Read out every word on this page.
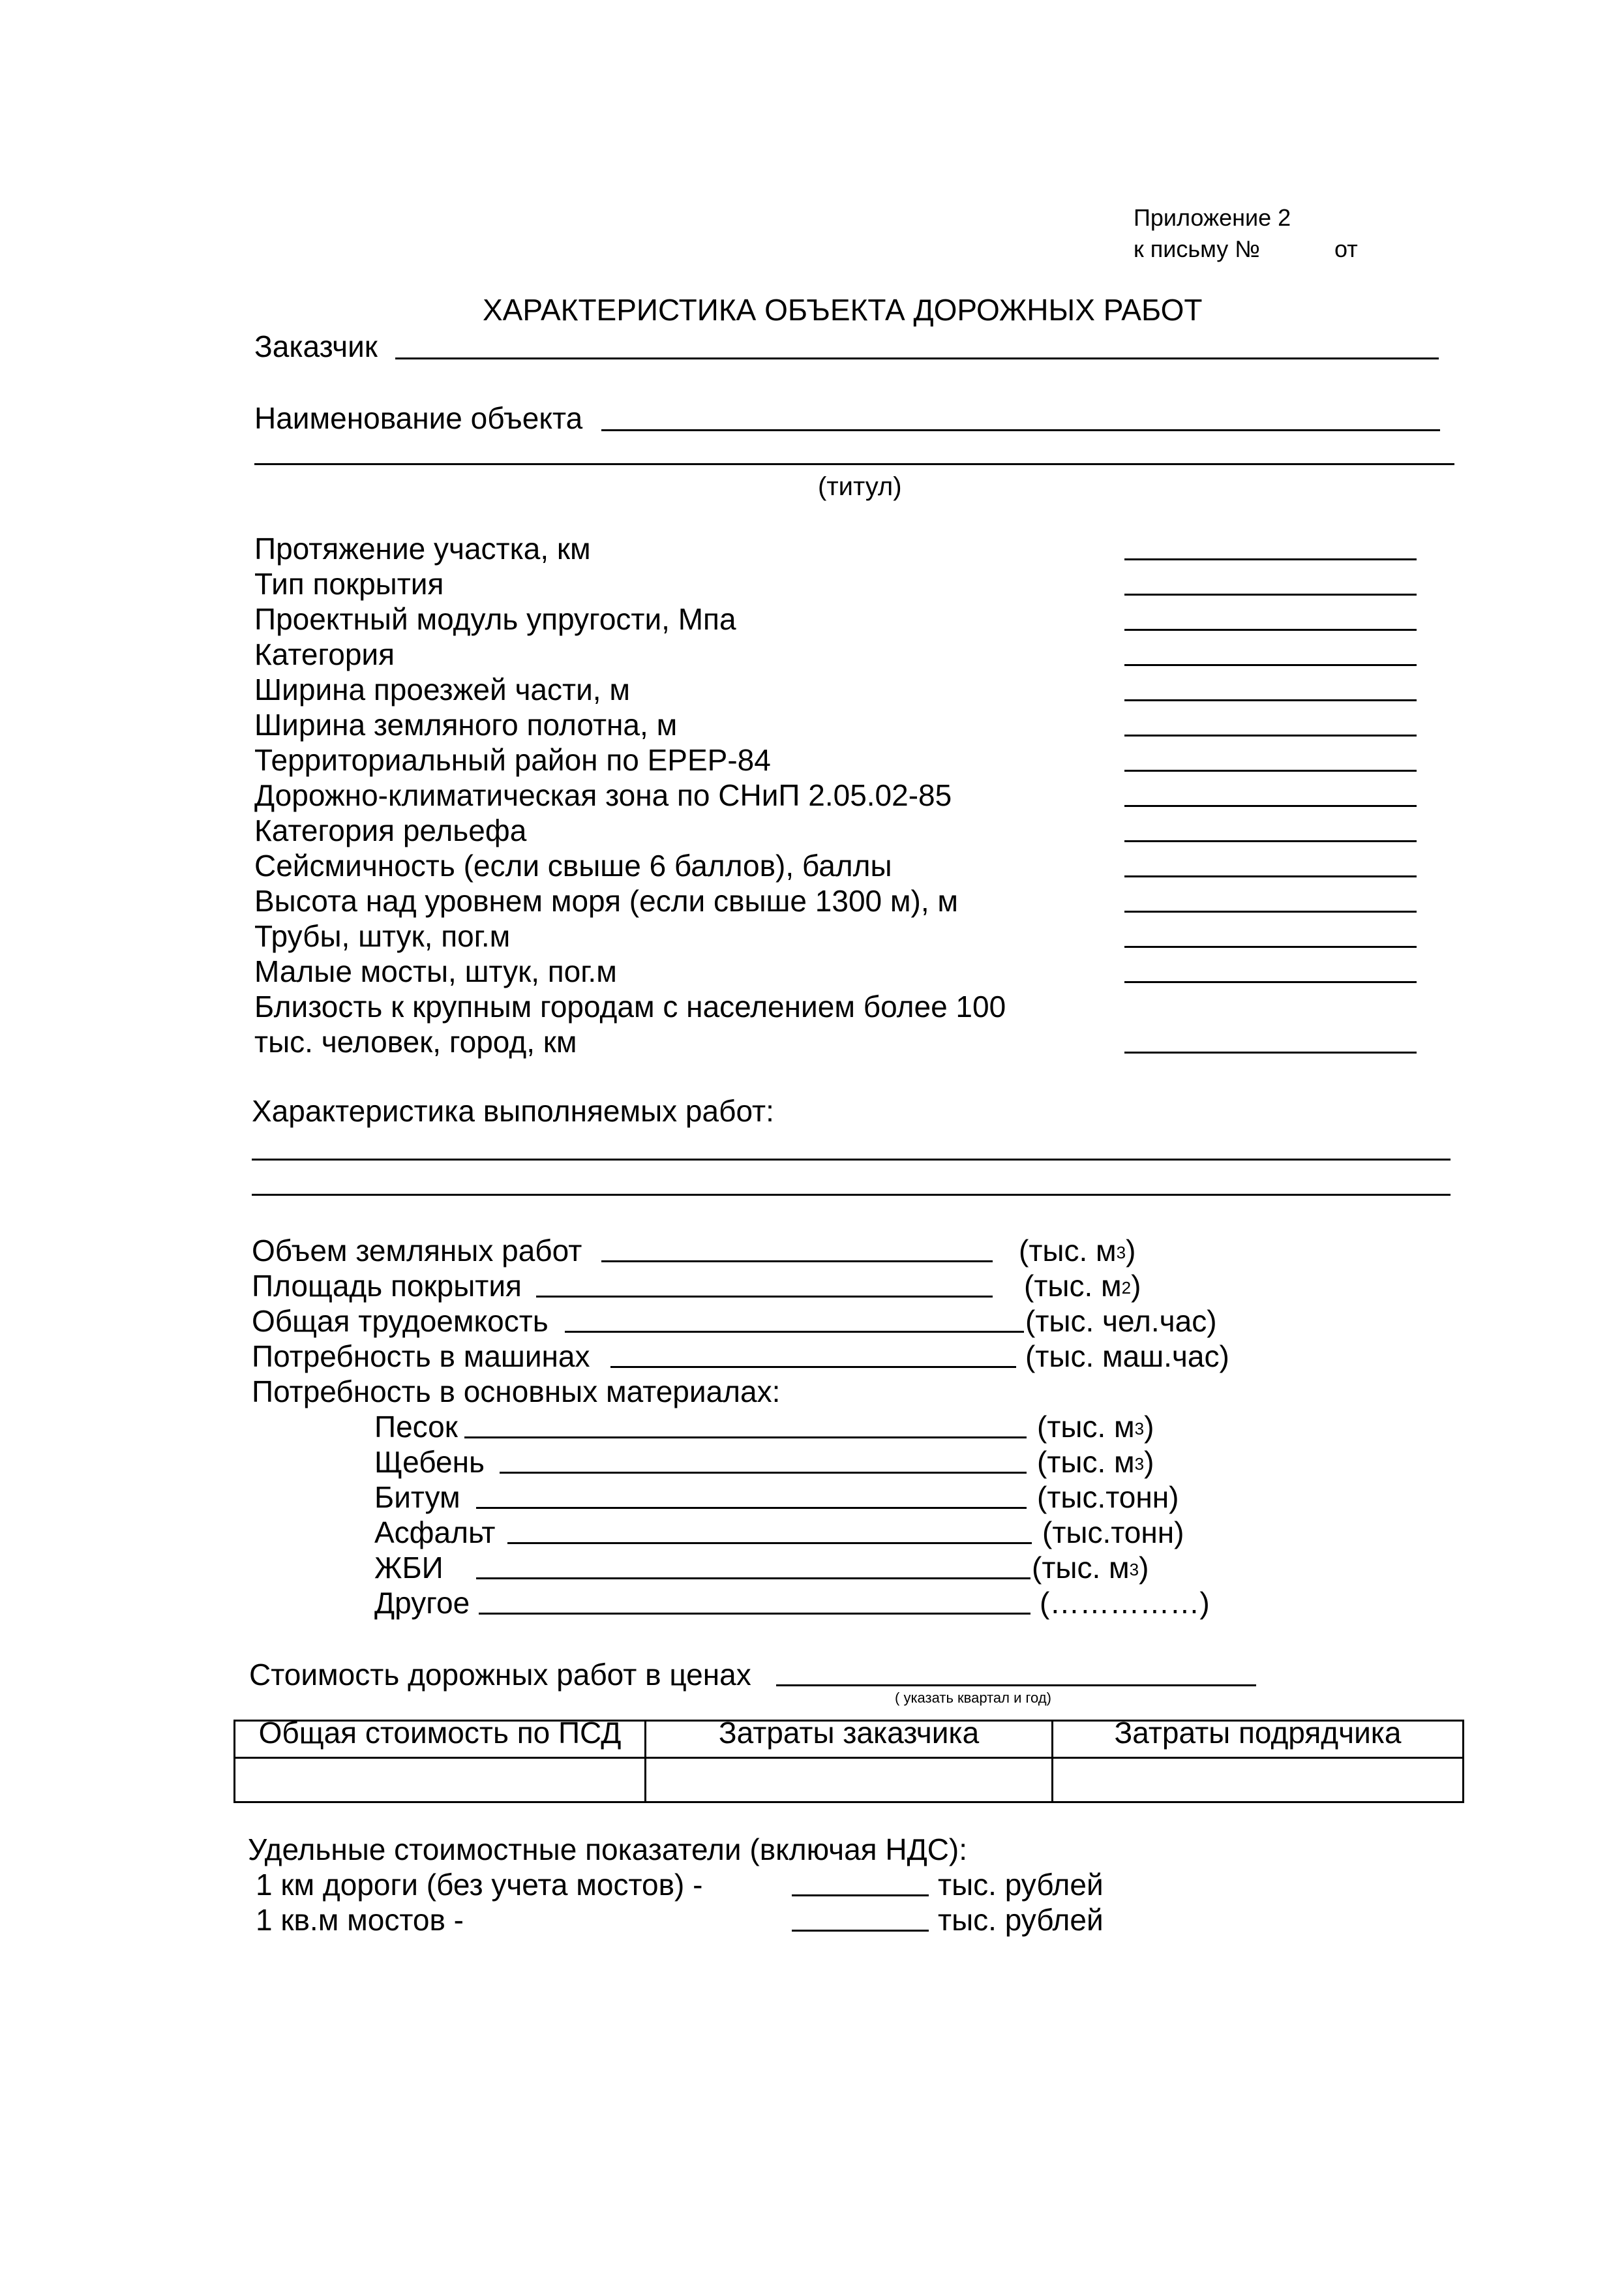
Приложение 2
к письму №	от
ХАРАКТЕРИСТИКА ОБЪЕКТА ДОРОЖНЫХ РАБОТ
Заказчик
Наименование объекта
(титул)
Протяжение участка, км
Тип покрытия
Проектный модуль упругости, Мпа
Категория
Ширина проезжей части, м
Ширина земляного полотна, м
Территориальный район по ЕРЕР-84
Дорожно-климатическая зона по СНиП 2.05.02-85
Категория рельефа
Сейсмичность (если свыше 6 баллов), баллы
Высота над уровнем моря (если свыше 1300 м), м
Трубы, штук, пог.м
Малые мосты, штук, пог.м
Близость к крупным городам с населением более 100
тыс. человек, город, км
Характеристика выполняемых работ:
Объем земляных работ	(тыс. $м^3$)
Площадь покрытия	(тыс. $м^2$)
Общая трудоемкость	(тыс. чел.час)
Потребность в машинах	(тыс. маш.час)
Потребность в основных материалах:
Песок	(тыс. $м^3$)
Щебень	(тыс. $м^3$)
Битум	(тыс.тонн)
Асфальт	(тыс.тонн)
ЖБИ	(тыс. $м^3$)
Другое	(……………)
Стоимость дорожных работ в ценах
( указать квартал и год)
Общая стоимость по ПСД	Затраты заказчика	Затраты подрядчика

Удельные стоимостные показатели (включая НДС):
1 км дороги (без учета мостов) -	тыс. рублей
1 кв.м мостов -	тыс. рублей
